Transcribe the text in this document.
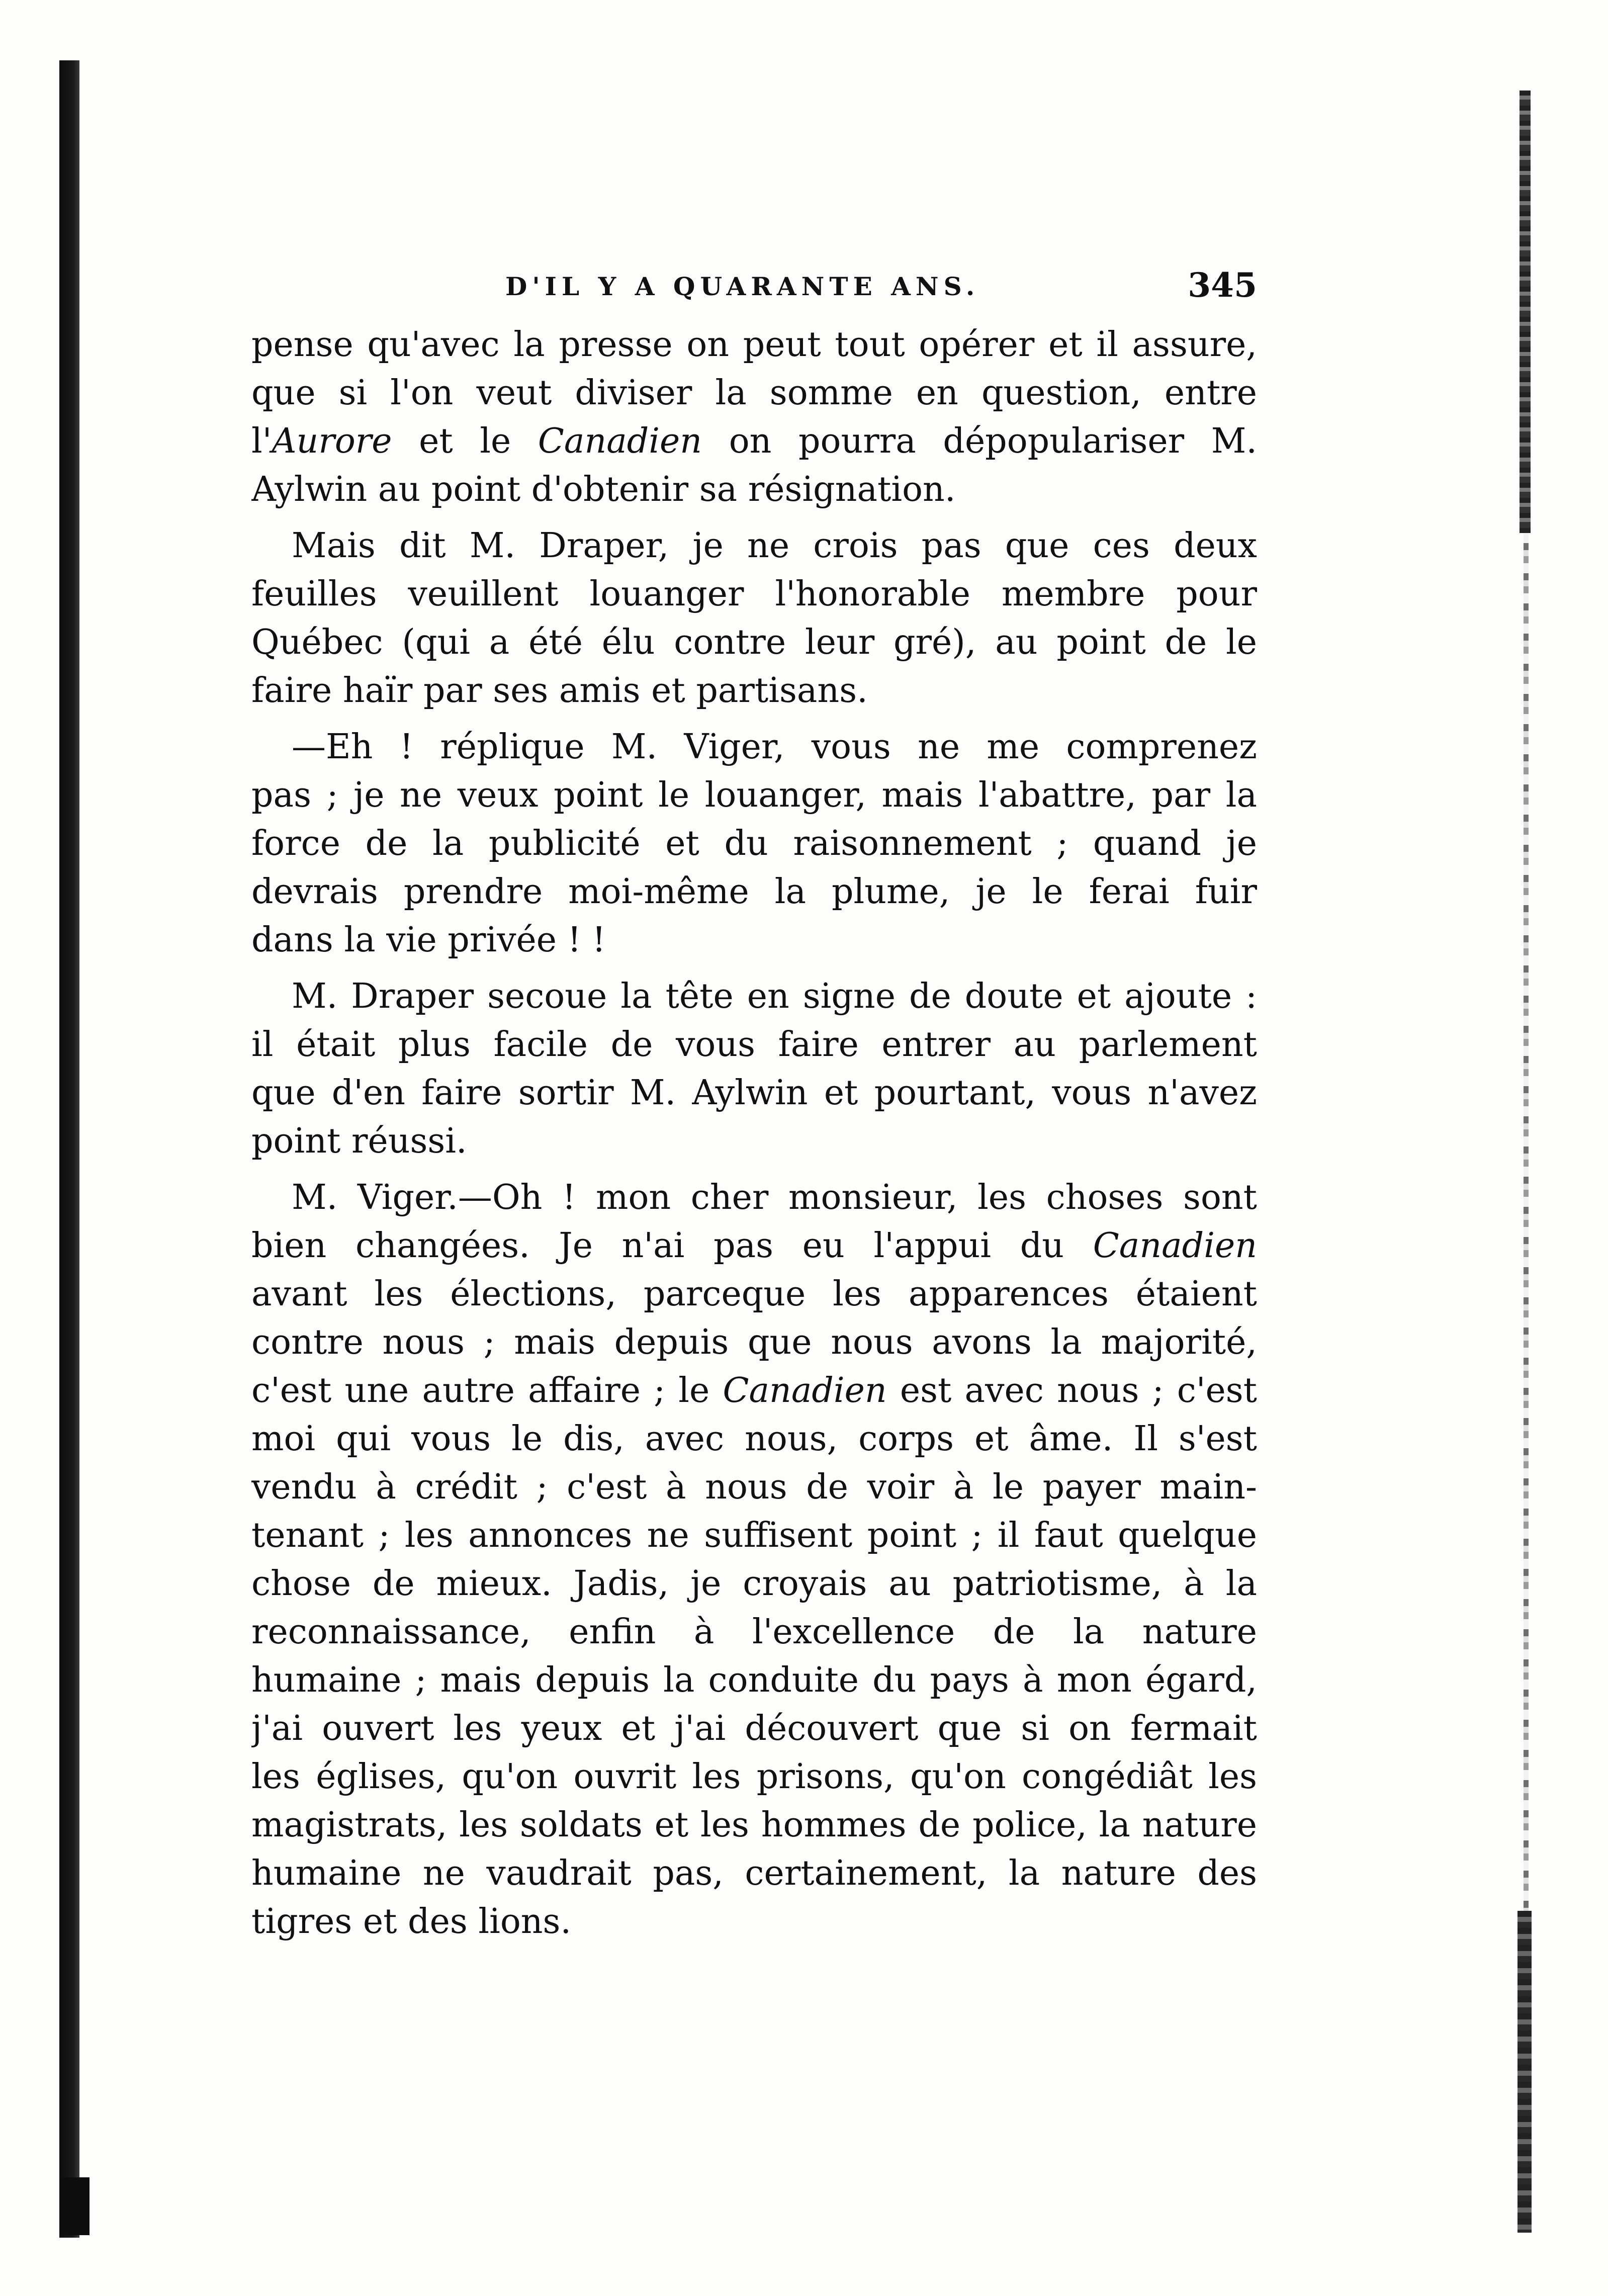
D'IL Y A QUARANTE ANS.	345
pense qu'avec la presse on peut tout opérer et il assure,
que si l'on veut diviser la somme en question, entre
l'Aurore et le Canadien on pourra dépopulariser M.
Aylwin au point d'obtenir sa résignation.
Mais dit M. Draper, je ne crois pas que ces deux
feuilles veuillent louanger l'honorable membre pour
Québec (qui a été élu contre leur gré), au point de le
faire haïr par ses amis et partisans.
—Eh ! réplique M. Viger, vous ne me comprenez
pas ; je ne veux point le louanger, mais l'abattre, par la
force de la publicité et du raisonnement ; quand je
devrais prendre moi-même la plume, je le ferai fuir
dans la vie privée ! !
M. Draper secoue la tête en signe de doute et ajoute :
il était plus facile de vous faire entrer au parlement
que d'en faire sortir M. Aylwin et pourtant, vous n'avez
point réussi.
M. Viger.—Oh ! mon cher monsieur, les choses sont
bien changées. Je n'ai pas eu l'appui du Canadien
avant les élections, parceque les apparences étaient
contre nous ; mais depuis que nous avons la majorité,
c'est une autre affaire ; le Canadien est avec nous ; c'est
moi qui vous le dis, avec nous, corps et âme. Il s'est
vendu à crédit ; c'est à nous de voir à le payer main-
tenant ; les annonces ne suffisent point ; il faut quelque
chose de mieux. Jadis, je croyais au patriotisme, à la
reconnaissance, enfin à l'excellence de la nature
humaine ; mais depuis la conduite du pays à mon égard,
j'ai ouvert les yeux et j'ai découvert que si on fermait
les églises, qu'on ouvrit les prisons, qu'on congédiât les
magistrats, les soldats et les hommes de police, la nature
humaine ne vaudrait pas, certainement, la nature des
tigres et des lions.
